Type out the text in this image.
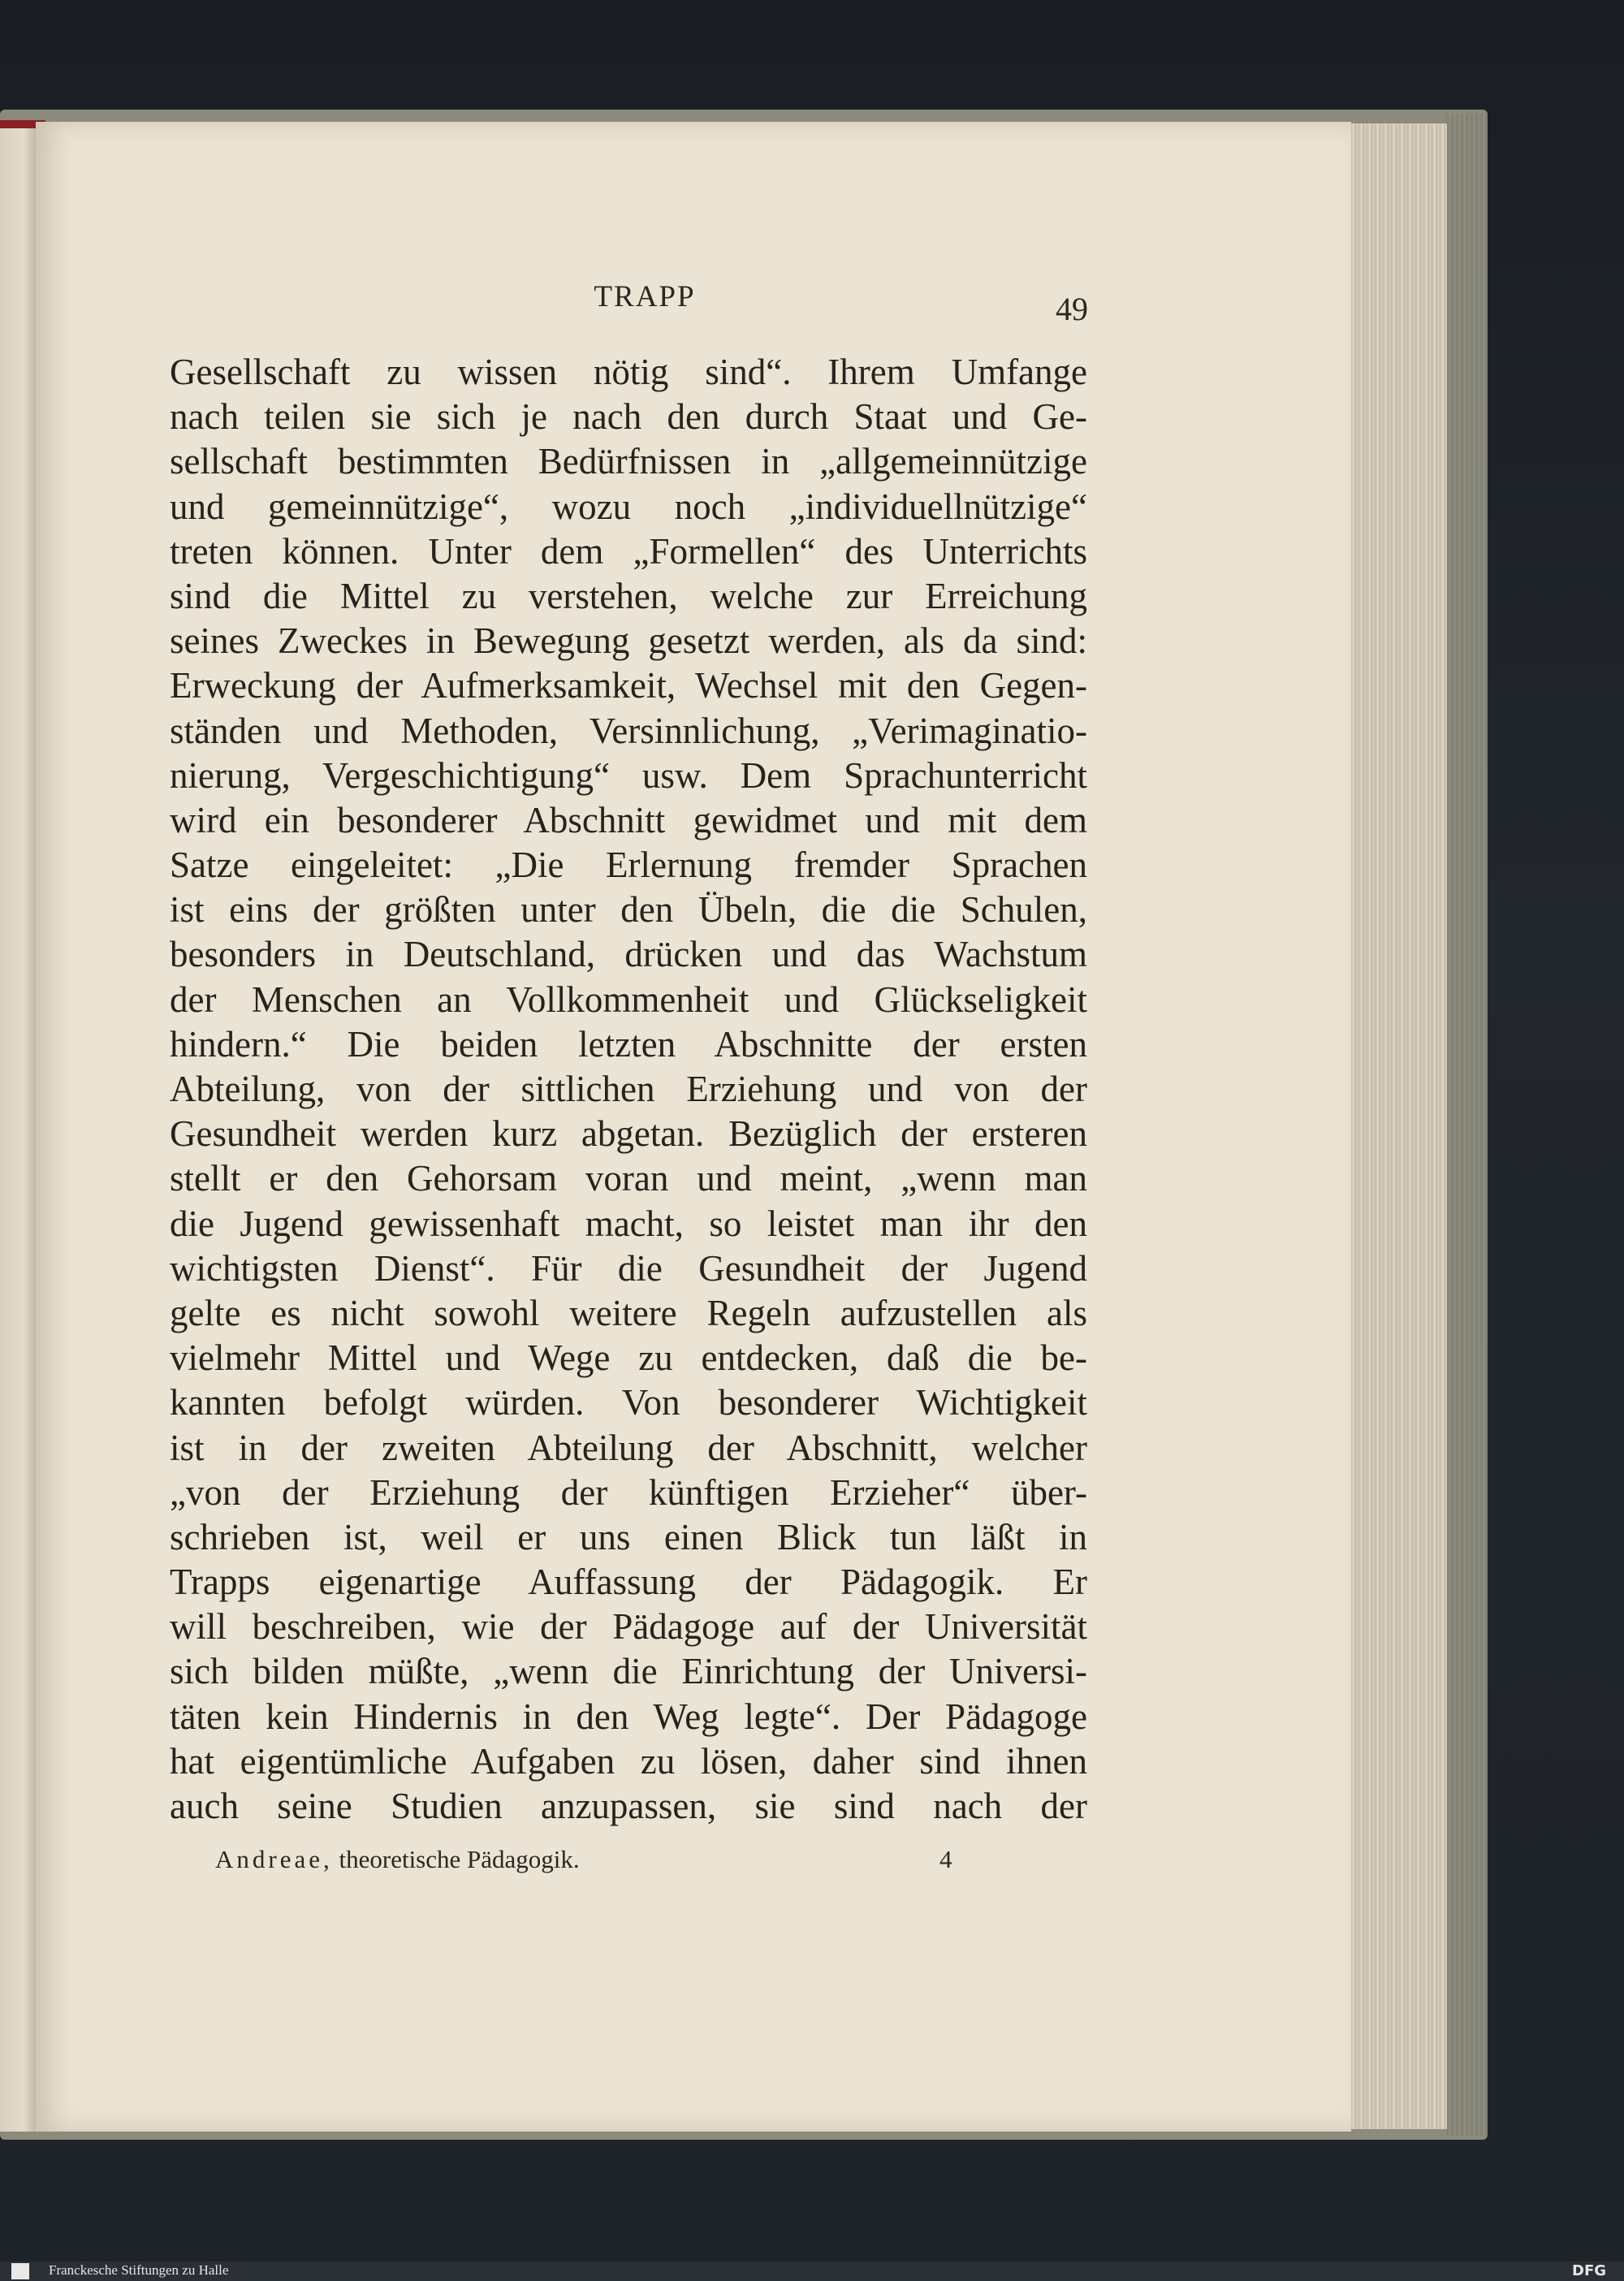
TRAPP	49
Gesellschaft zu wissen nötig sind“. Ihrem Umfange
nach teilen sie sich je nach den durch Staat und Ge-
sellschaft bestimmten Bedürfnissen in „allgemeinnützige
und gemeinnützige“, wozu noch „individuellnützige“
treten können. Unter dem „Formellen“ des Unterrichts
sind die Mittel zu verstehen, welche zur Erreichung
seines Zweckes in Bewegung gesetzt werden, als da sind:
Erweckung der Aufmerksamkeit, Wechsel mit den Gegen-
ständen und Methoden, Versinnlichung, „Verimaginatio-
nierung, Vergeschichtigung“ usw. Dem Sprachunterricht
wird ein besonderer Abschnitt gewidmet und mit dem
Satze eingeleitet: „Die Erlernung fremder Sprachen
ist eins der größten unter den Übeln, die die Schulen,
besonders in Deutschland, drücken und das Wachstum
der Menschen an Vollkommenheit und Glückseligkeit
hindern.“ Die beiden letzten Abschnitte der ersten
Abteilung, von der sittlichen Erziehung und von der
Gesundheit werden kurz abgetan. Bezüglich der ersteren
stellt er den Gehorsam voran und meint, „wenn man
die Jugend gewissenhaft macht, so leistet man ihr den
wichtigsten Dienst“. Für die Gesundheit der Jugend
gelte es nicht sowohl weitere Regeln aufzustellen als
vielmehr Mittel und Wege zu entdecken, daß die be-
kannten befolgt würden. Von besonderer Wichtigkeit
ist in der zweiten Abteilung der Abschnitt, welcher
„von der Erziehung der künftigen Erzieher“ über-
schrieben ist, weil er uns einen Blick tun läßt in
Trapps eigenartige Auffassung der Pädagogik. Er
will beschreiben, wie der Pädagoge auf der Universität
sich bilden müßte, „wenn die Einrichtung der Universi-
täten kein Hindernis in den Weg legte“. Der Pädagoge
hat eigentümliche Aufgaben zu lösen, daher sind ihnen
auch seine Studien anzupassen, sie sind nach der
Andreae, theoretische Pädagogik.	4
Franckesche Stiftungen zu Halle	DFG
